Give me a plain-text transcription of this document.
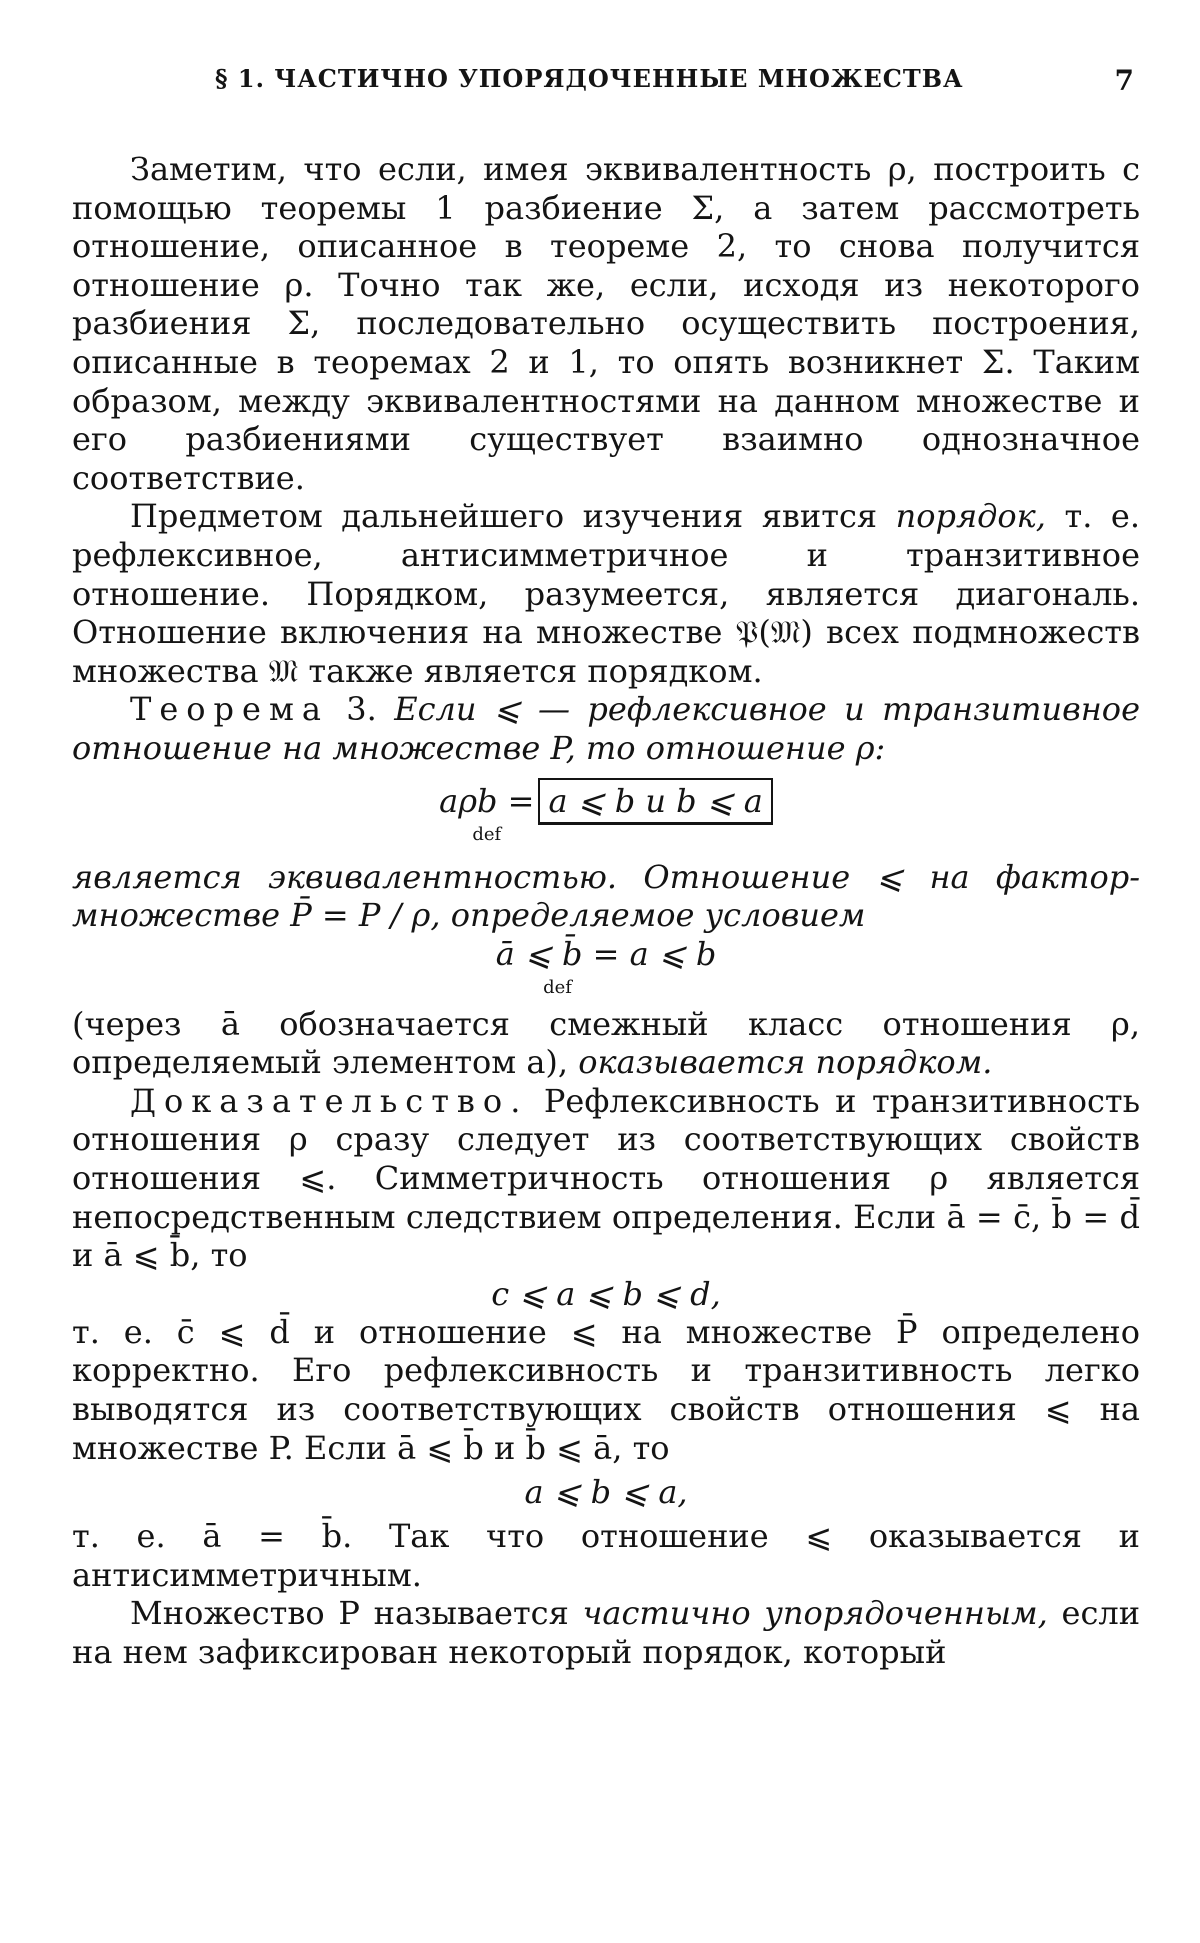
§ 1. ЧАСТИЧНО УПОРЯДОЧЕННЫЕ МНОЖЕСТВА	7

Заметим, что если, имея эквивалентность ρ, построить с помощью теоремы 1 разбиение Σ, а затем рассмотреть отношение, описанное в теореме 2, то снова получится отношение ρ. Точно так же, если, исходя из некоторого разбиения Σ, последовательно осуществить построения, описанные в теоремах 2 и 1, то опять возникнет Σ. Таким образом, между эквивалентностями на данном множестве и его разбиениями существует взаимно однозначное соответствие.

Предметом дальнейшего изучения явится порядок, т. е. рефлексивное, антисимметричное и транзитивное отношение. Порядком, разумеется, является диагональ. Отношение включения на множестве 𝔓(𝔐) всех подмножеств множества 𝔐 также является порядком.

Теорема 3. Если ⩽ — рефлексивное и транзитивное отношение на множестве P, то отношение ρ:

aρb =
def
a ⩽ b и b ⩽ a

является эквивалентностью. Отношение ⩽ на фактор-множестве P̄ = P / ρ, определяемое условием

ā ⩽ b̄ =
def
a ⩽ b

(через ā обозначается смежный класс отношения ρ, определяемый элементом a), оказывается порядком.

Доказательство. Рефлексивность и транзитивность отношения ρ сразу следует из соответствующих свойств отношения ⩽. Симметричность отношения ρ является непосредственным следствием определения. Если ā = c̄, b̄ = d̄ и ā ⩽ b̄, то

c ⩽ a ⩽ b ⩽ d,

т. е. c̄ ⩽ d̄ и отношение ⩽ на множестве P̄ определено корректно. Его рефлексивность и транзитивность легко выводятся из соответствующих свойств отношения ⩽ на множестве P. Если ā ⩽ b̄ и b̄ ⩽ ā, то

a ⩽ b ⩽ a,

т. е. ā = b̄. Так что отношение ⩽ оказывается и антисимметричным.

Множество P называется частично упорядоченным, если на нем зафиксирован некоторый порядок, который
